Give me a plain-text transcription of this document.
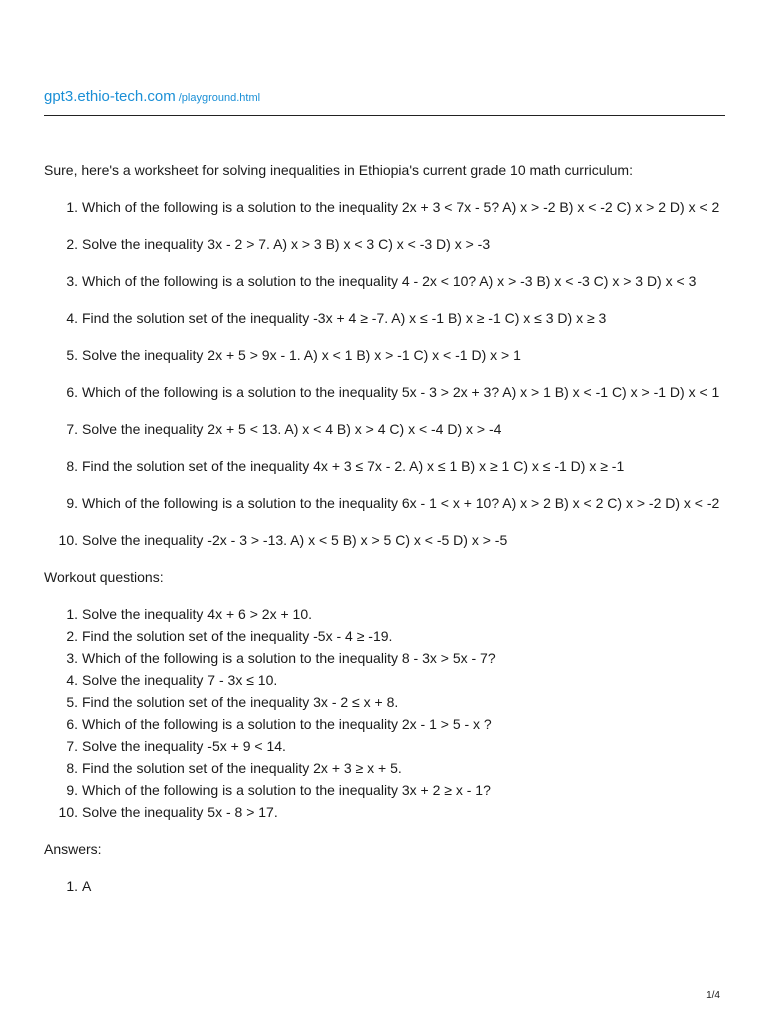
gpt3.ethio-tech.com /playground.html

Sure, here's a worksheet for solving inequalities in Ethiopia's current grade 10 math curriculum:

1. Which of the following is a solution to the inequality 2x + 3 < 7x - 5? A) x > -2 B) x < -2 C) x > 2 D) x < 2
2. Solve the inequality 3x - 2 > 7. A) x > 3 B) x < 3 C) x < -3 D) x > -3
3. Which of the following is a solution to the inequality 4 - 2x < 10? A) x > -3 B) x < -3 C) x > 3 D) x < 3
4. Find the solution set of the inequality -3x + 4 ≥ -7. A) x ≤ -1 B) x ≥ -1 C) x ≤ 3 D) x ≥ 3
5. Solve the inequality 2x + 5 > 9x - 1. A) x < 1 B) x > -1 C) x < -1 D) x > 1
6. Which of the following is a solution to the inequality 5x - 3 > 2x + 3? A) x > 1 B) x < -1 C) x > -1 D) x < 1
7. Solve the inequality 2x + 5 < 13. A) x < 4 B) x > 4 C) x < -4 D) x > -4
8. Find the solution set of the inequality 4x + 3 ≤ 7x - 2. A) x ≤ 1 B) x ≥ 1 C) x ≤ -1 D) x ≥ -1
9. Which of the following is a solution to the inequality 6x - 1 < x + 10? A) x > 2 B) x < 2 C) x > -2 D) x < -2
10. Solve the inequality -2x - 3 > -13. A) x < 5 B) x > 5 C) x < -5 D) x > -5

Workout questions:

1. Solve the inequality 4x + 6 > 2x + 10.
2. Find the solution set of the inequality -5x - 4 ≥ -19.
3. Which of the following is a solution to the inequality 8 - 3x > 5x - 7?
4. Solve the inequality 7 - 3x ≤ 10.
5. Find the solution set of the inequality 3x - 2 ≤ x + 8.
6. Which of the following is a solution to the inequality 2x - 1 > 5 - x ?
7. Solve the inequality -5x + 9 < 14.
8. Find the solution set of the inequality 2x + 3 ≥ x + 5.
9. Which of the following is a solution to the inequality 3x + 2 ≥ x - 1?
10. Solve the inequality 5x - 8 > 17.

Answers:

1. A
1/4
